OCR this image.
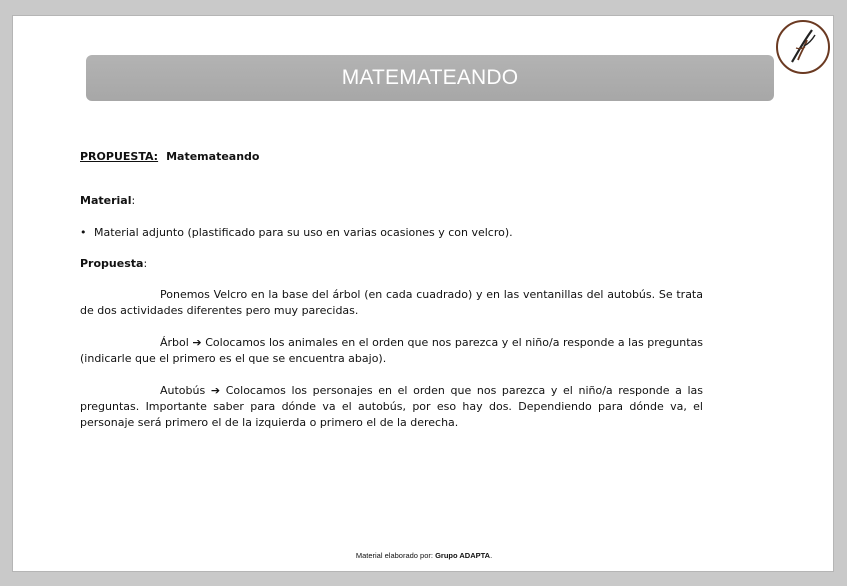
MATEMATEANDO

PROPUESTA: Matemateando

Material:

• Material adjunto (plastificado para su uso en varias ocasiones y con velcro).

Propuesta:

Ponemos Velcro en la base del árbol (en cada cuadrado) y en las ventanillas del autobús. Se trata de dos actividades diferentes pero muy parecidas.

Árbol ➔ Colocamos los animales en el orden que nos parezca y el niño/a responde a las preguntas (indicarle que el primero es el que se encuentra abajo).

Autobús ➔ Colocamos los personajes en el orden que nos parezca y el niño/a responde a las preguntas. Importante saber para dónde va el autobús, por eso hay dos. Dependiendo para dónde va, el personaje será primero el de la izquierda o primero el de la derecha.

Material elaborado por: Grupo ADAPTA.
